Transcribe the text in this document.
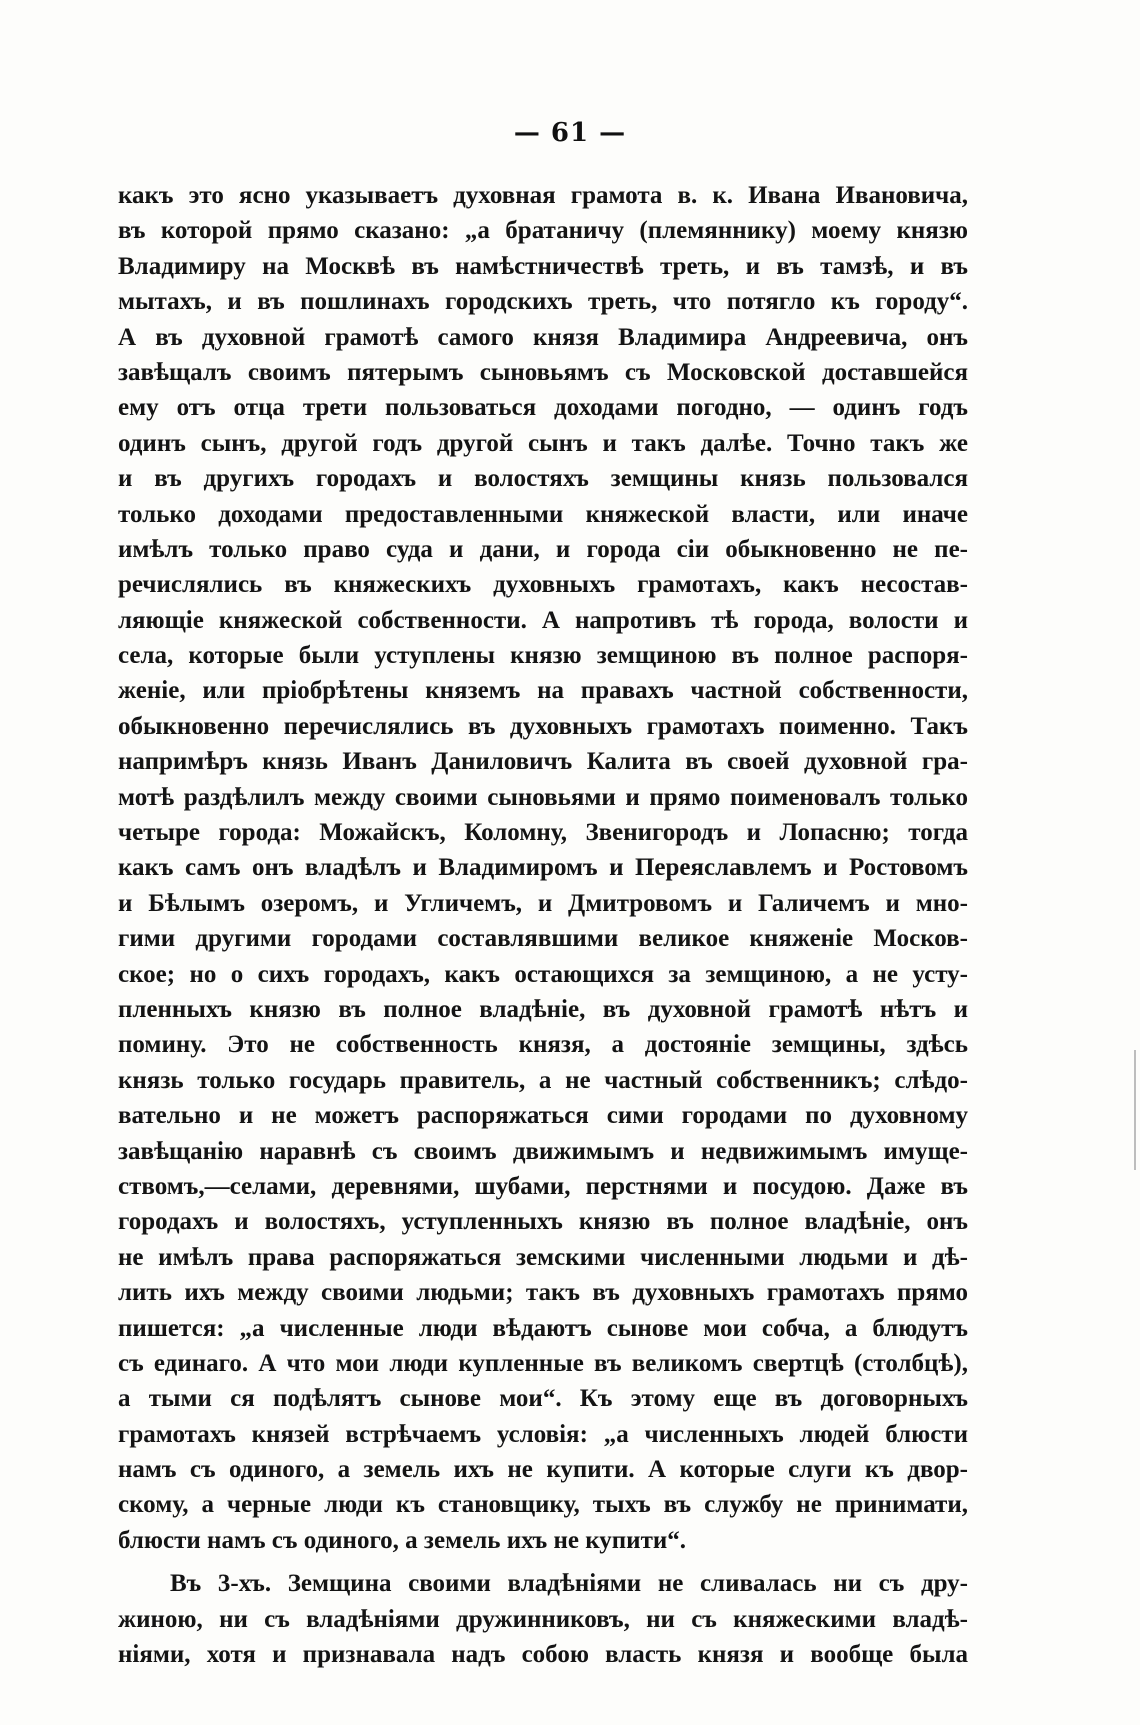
— 61 —
какъ это ясно указываетъ духовная грамота в. к. Ивана Ивановича,
въ которой прямо сказано: „а братаничу (племяннику) моему князю
Владимиру на Москвѣ въ намѣстничествѣ треть, и въ тамзѣ, и въ
мытахъ, и въ пошлинахъ городскихъ треть, что потягло къ городу“.
А въ духовной грамотѣ самого князя Владимира Андреевича, онъ
завѣщалъ своимъ пятерымъ сыновьямъ съ Московской доставшейся
ему отъ отца трети пользоваться доходами погодно, — одинъ годъ
одинъ сынъ, другой годъ другой сынъ и такъ далѣе. Точно такъ же
и въ другихъ городахъ и волостяхъ земщины князь пользовался
только доходами предоставленными княжеской власти, или иначе
имѣлъ только право суда и дани, и города сіи обыкновенно не пе-
речислялись въ княжескихъ духовныхъ грамотахъ, какъ несостав-
ляющіе княжеской собственности. А напротивъ тѣ города, волости и
села, которые были уступлены князю земщиною въ полное распоря-
женіе, или пріобрѣтены княземъ на правахъ частной собственности,
обыкновенно перечислялись въ духовныхъ грамотахъ поименно. Такъ
напримѣръ князь Иванъ Даниловичъ Калита въ своей духовной гра-
мотѣ раздѣлилъ между своими сыновьями и прямо поименовалъ только
четыре города: Можайскъ, Коломну, Звенигородъ и Лопасню; тогда
какъ самъ онъ владѣлъ и Владимиромъ и Переяславлемъ и Ростовомъ
и Бѣлымъ озеромъ, и Угличемъ, и Дмитровомъ и Галичемъ и мно-
гими другими городами составлявшими великое княженіе Москов-
ское; но о сихъ городахъ, какъ остающихся за земщиною, а не усту-
пленныхъ князю въ полное владѣніе, въ духовной грамотѣ нѣтъ и
помину. Это не собственность князя, а достояніе земщины, здѣсь
князь только государь правитель, а не частный собственникъ; слѣдо-
вательно и не можетъ распоряжаться сими городами по духовному
завѣщанію наравнѣ съ своимъ движимымъ и недвижимымъ имуще-
ствомъ,—селами, деревнями, шубами, перстнями и посудою. Даже въ
городахъ и волостяхъ, уступленныхъ князю въ полное владѣніе, онъ
не имѣлъ права распоряжаться земскими численными людьми и дѣ-
лить ихъ между своими людьми; такъ въ духовныхъ грамотахъ прямо
пишется: „а численные люди вѣдаютъ сынове мои собча, а блюдутъ
съ единаго. А что мои люди купленные въ великомъ свертцѣ (столбцѣ),
а тыми ся подѣлятъ сынове мои“. Къ этому еще въ договорныхъ
грамотахъ князей встрѣчаемъ условія: „а численныхъ людей блюсти
намъ съ одиного, а земель ихъ не купити. А которые слуги къ двор-
скому, а черные люди къ становщику, тыхъ въ службу не принимати,
блюсти намъ съ одиного, а земель ихъ не купити“.
Въ 3-хъ. Земщина своими владѣніями не сливалась ни съ дру-
жиною, ни съ владѣніями дружинниковъ, ни съ княжескими владѣ-
ніями, хотя и признавала надъ собою власть князя и вообще была
